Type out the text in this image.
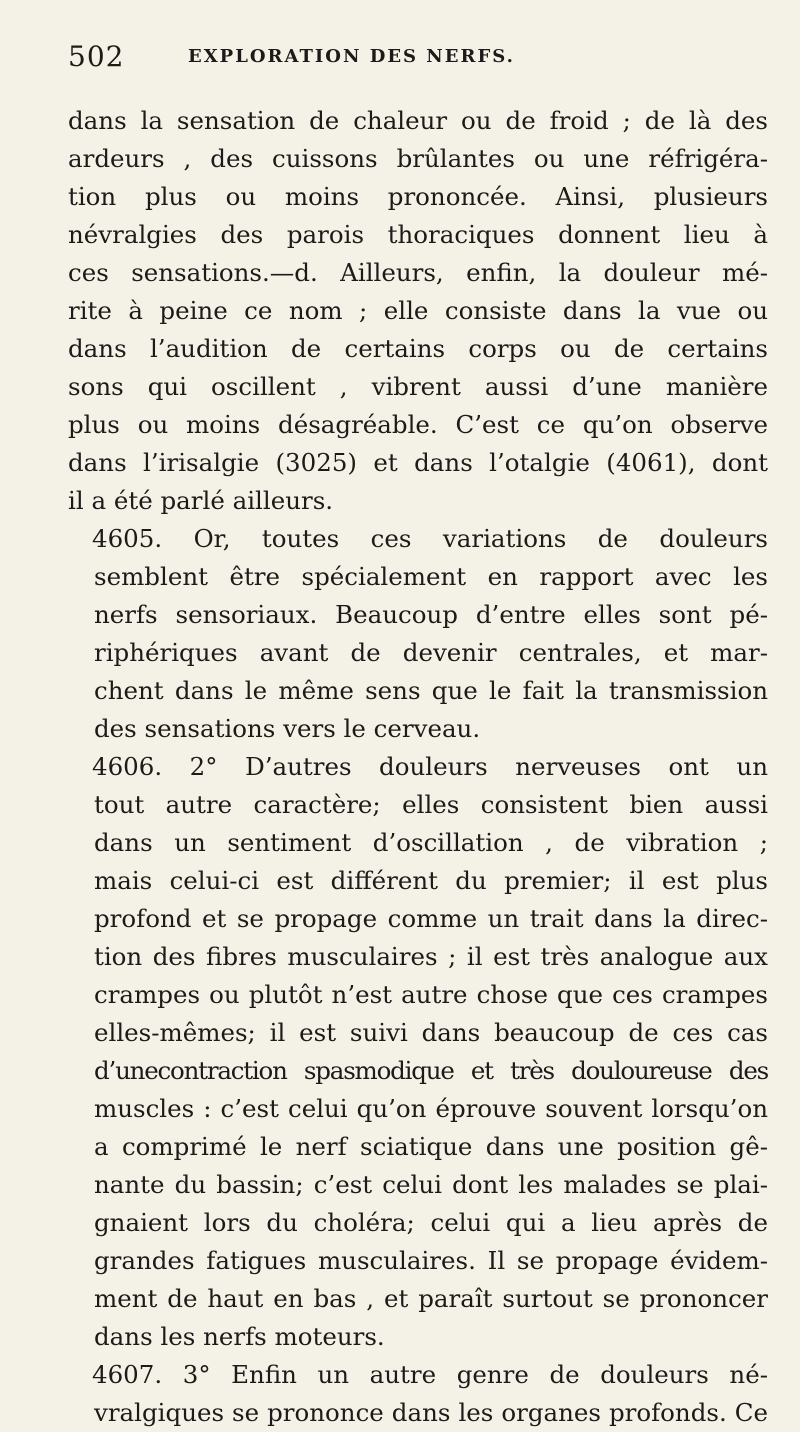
502	EXPLORATION DES NERFS.

dans la sensation de chaleur ou de froid ; de là des
ardeurs , des cuissons brûlantes ou une réfrigéra-
tion plus ou moins prononcée. Ainsi, plusieurs
névralgies des parois thoraciques donnent lieu à
ces sensations.—d. Ailleurs, enfin, la douleur mé-
rite à peine ce nom ; elle consiste dans la vue ou
dans l’audition de certains corps ou de certains
sons qui oscillent , vibrent aussi d’une manière
plus ou moins désagréable. C’est ce qu’on observe
dans l’irisalgie (3025) et dans l’otalgie (4061), dont
il a été parlé ailleurs.

4605. Or, toutes ces variations de douleurs
semblent être spécialement en rapport avec les
nerfs sensoriaux. Beaucoup d’entre elles sont pé-
riphériques avant de devenir centrales, et mar-
chent dans le même sens que le fait la transmission
des sensations vers le cerveau.

4606. 2° D’autres douleurs nerveuses ont un
tout autre caractère; elles consistent bien aussi
dans un sentiment d’oscillation , de vibration ;
mais celui-ci est différent du premier; il est plus
profond et se propage comme un trait dans la direc-
tion des fibres musculaires ; il est très analogue aux
crampes ou plutôt n’est autre chose que ces crampes
elles-mêmes; il est suivi dans beaucoup de ces cas
d’unecontraction spasmodique et très douloureuse des
muscles : c’est celui qu’on éprouve souvent lorsqu’on
a comprimé le nerf sciatique dans une position gê-
nante du bassin; c’est celui dont les malades se plai-
gnaient lors du choléra; celui qui a lieu après de
grandes fatigues musculaires. Il se propage évidem-
ment de haut en bas , et paraît surtout se prononcer
dans les nerfs moteurs.

4607. 3° Enfin un autre genre de douleurs né-
vralgiques se prononce dans les organes profonds. Ce
